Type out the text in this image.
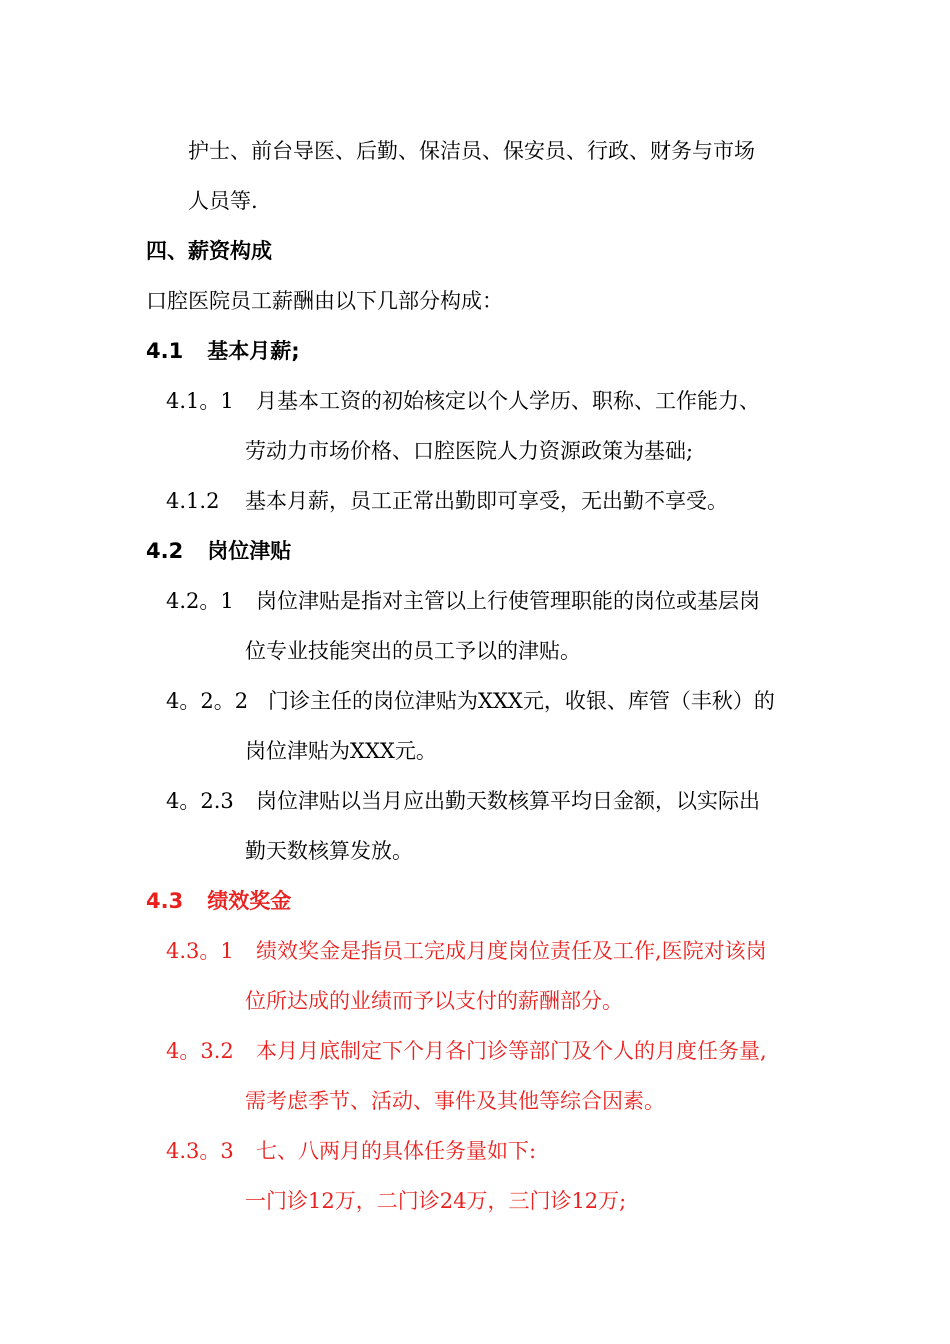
护士、前台导医、后勤、保洁员、保安员、行政、财务与市场
人员等.
四、薪资构成
口腔医院员工薪酬由以下几部分构成：
4.1 基本月薪;
4.1。1 月基本工资的初始核定以个人学历、职称、工作能力、
劳动力市场价格、口腔医院人力资源政策为基础;
4.1.2 基本月薪，员工正常出勤即可享受，无出勤不享受。
4.2 岗位津贴
4.2。1 岗位津贴是指对主管以上行使管理职能的岗位或基层岗
位专业技能突出的员工予以的津贴。
4。2。2 门诊主任的岗位津贴为XXX元，收银、库管（丰秋）的
岗位津贴为XXX元。
4。2.3 岗位津贴以当月应出勤天数核算平均日金额，以实际出
勤天数核算发放。
4.3 绩效奖金
4.3。1 绩效奖金是指员工完成月度岗位责任及工作,医院对该岗
位所达成的业绩而予以支付的薪酬部分。
4。3.2 本月月底制定下个月各门诊等部门及个人的月度任务量,
需考虑季节、活动、事件及其他等综合因素。
4.3。3 七、八两月的具体任务量如下:
一门诊12万，二门诊24万，三门诊12万;
